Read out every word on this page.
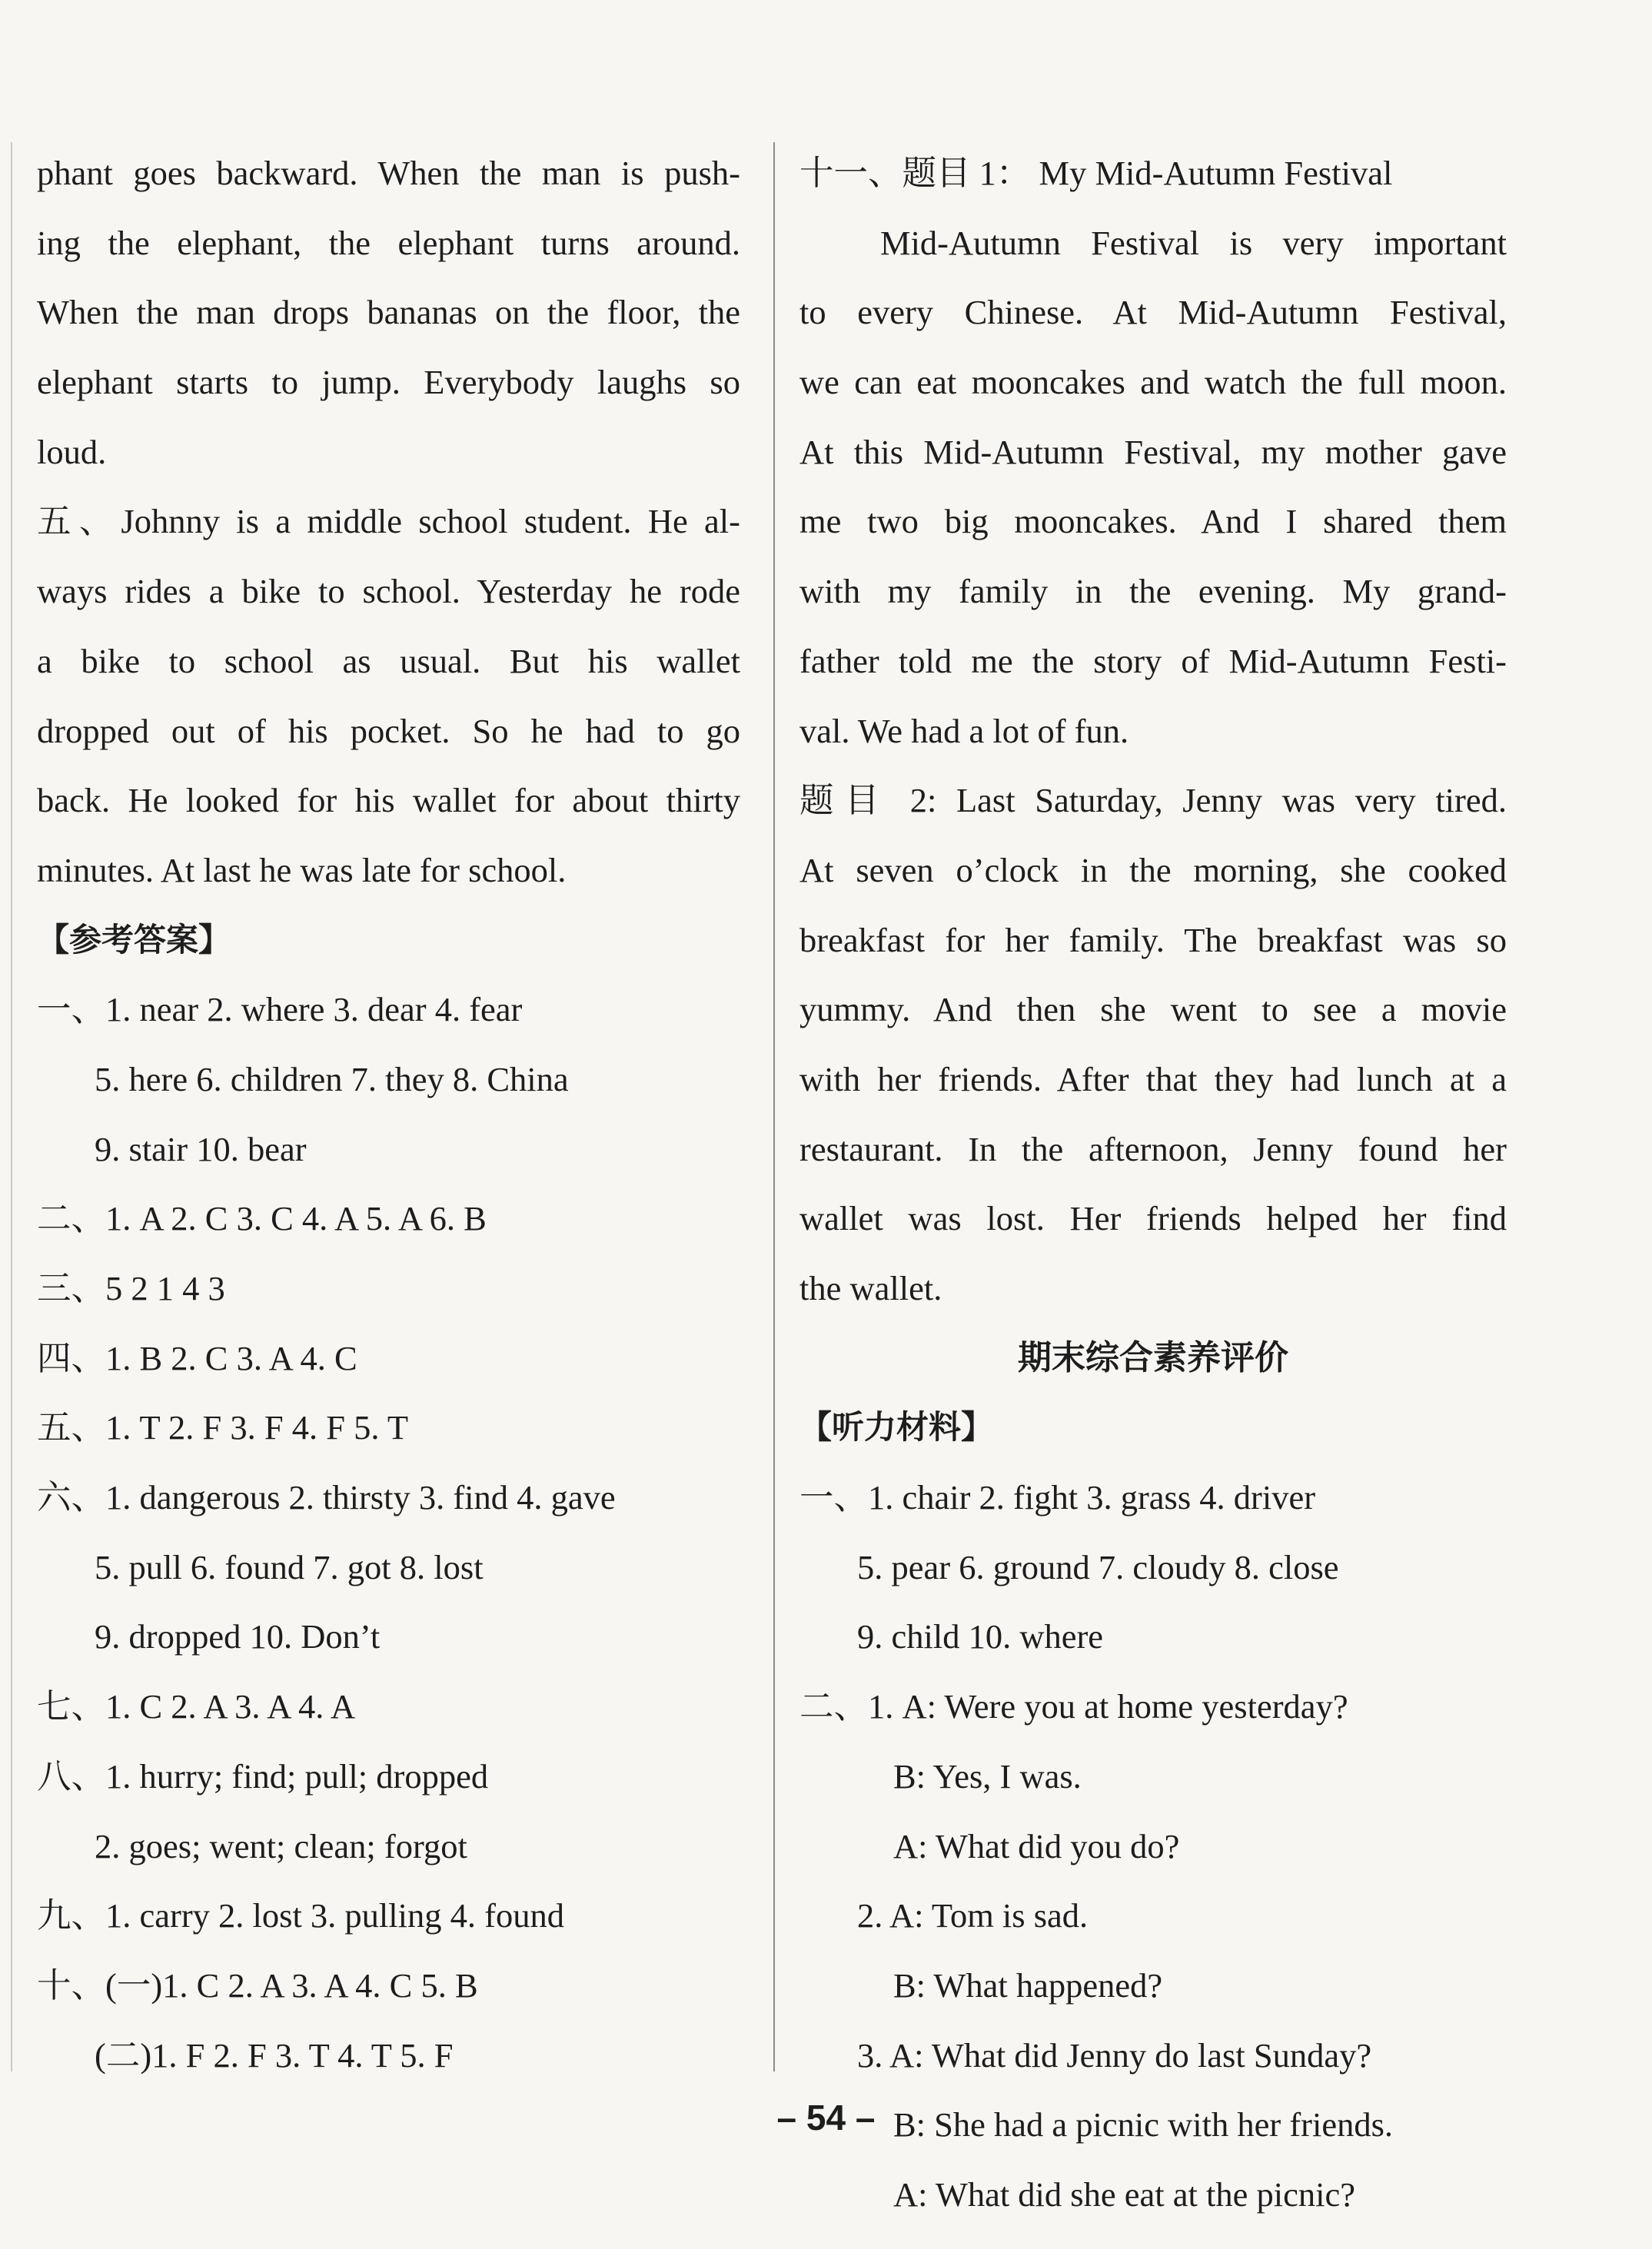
phant goes backward. When the man is push-
ing the elephant, the elephant turns around.
When the man drops bananas on the floor, the
elephant starts to jump. Everybody laughs so
loud.
五、Johnny is a middle school student. He al-
ways rides a bike to school. Yesterday he rode
a bike to school as usual. But his wallet
dropped out of his pocket. So he had to go
back. He looked for his wallet for about thirty
minutes. At last he was late for school.
【参考答案】
一、1. near 2. where 3. dear 4. fear
5. here 6. children 7. they 8. China
9. stair 10. bear
二、1. A 2. C 3. C 4. A 5. A 6. B
三、5 2 1 4 3
四、1. B 2. C 3. A 4. C
五、1. T 2. F 3. F 4. F 5. T
六、1. dangerous 2. thirsty 3. find 4. gave
5. pull 6. found 7. got 8. lost
9. dropped 10. Don’t
七、1. C 2. A 3. A 4. A
八、1. hurry; find; pull; dropped
2. goes; went; clean; forgot
九、1. carry 2. lost 3. pulling 4. found
十、(一)1. C 2. A 3. A 4. C 5. B
(二)1. F 2. F 3. T 4. T 5. F
十一、题目 1： My Mid-Autumn Festival
Mid-Autumn Festival is very important
to every Chinese. At Mid-Autumn Festival,
we can eat mooncakes and watch the full moon.
At this Mid-Autumn Festival, my mother gave
me two big mooncakes. And I shared them
with my family in the evening. My grand-
father told me the story of Mid-Autumn Festi-
val. We had a lot of fun.
题目 2: Last Saturday, Jenny was very tired.
At seven o’clock in the morning, she cooked
breakfast for her family. The breakfast was so
yummy. And then she went to see a movie
with her friends. After that they had lunch at a
restaurant. In the afternoon, Jenny found her
wallet was lost. Her friends helped her find
the wallet.
期末综合素养评价
【听力材料】
一、1. chair 2. fight 3. grass 4. driver
5. pear 6. ground 7. cloudy 8. close
9. child 10. where
二、1. A: Were you at home yesterday?
B: Yes, I was.
A: What did you do?
2. A: Tom is sad.
B: What happened?
3. A: What did Jenny do last Sunday?
B: She had a picnic with her friends.
A: What did she eat at the picnic?
– 54 –
